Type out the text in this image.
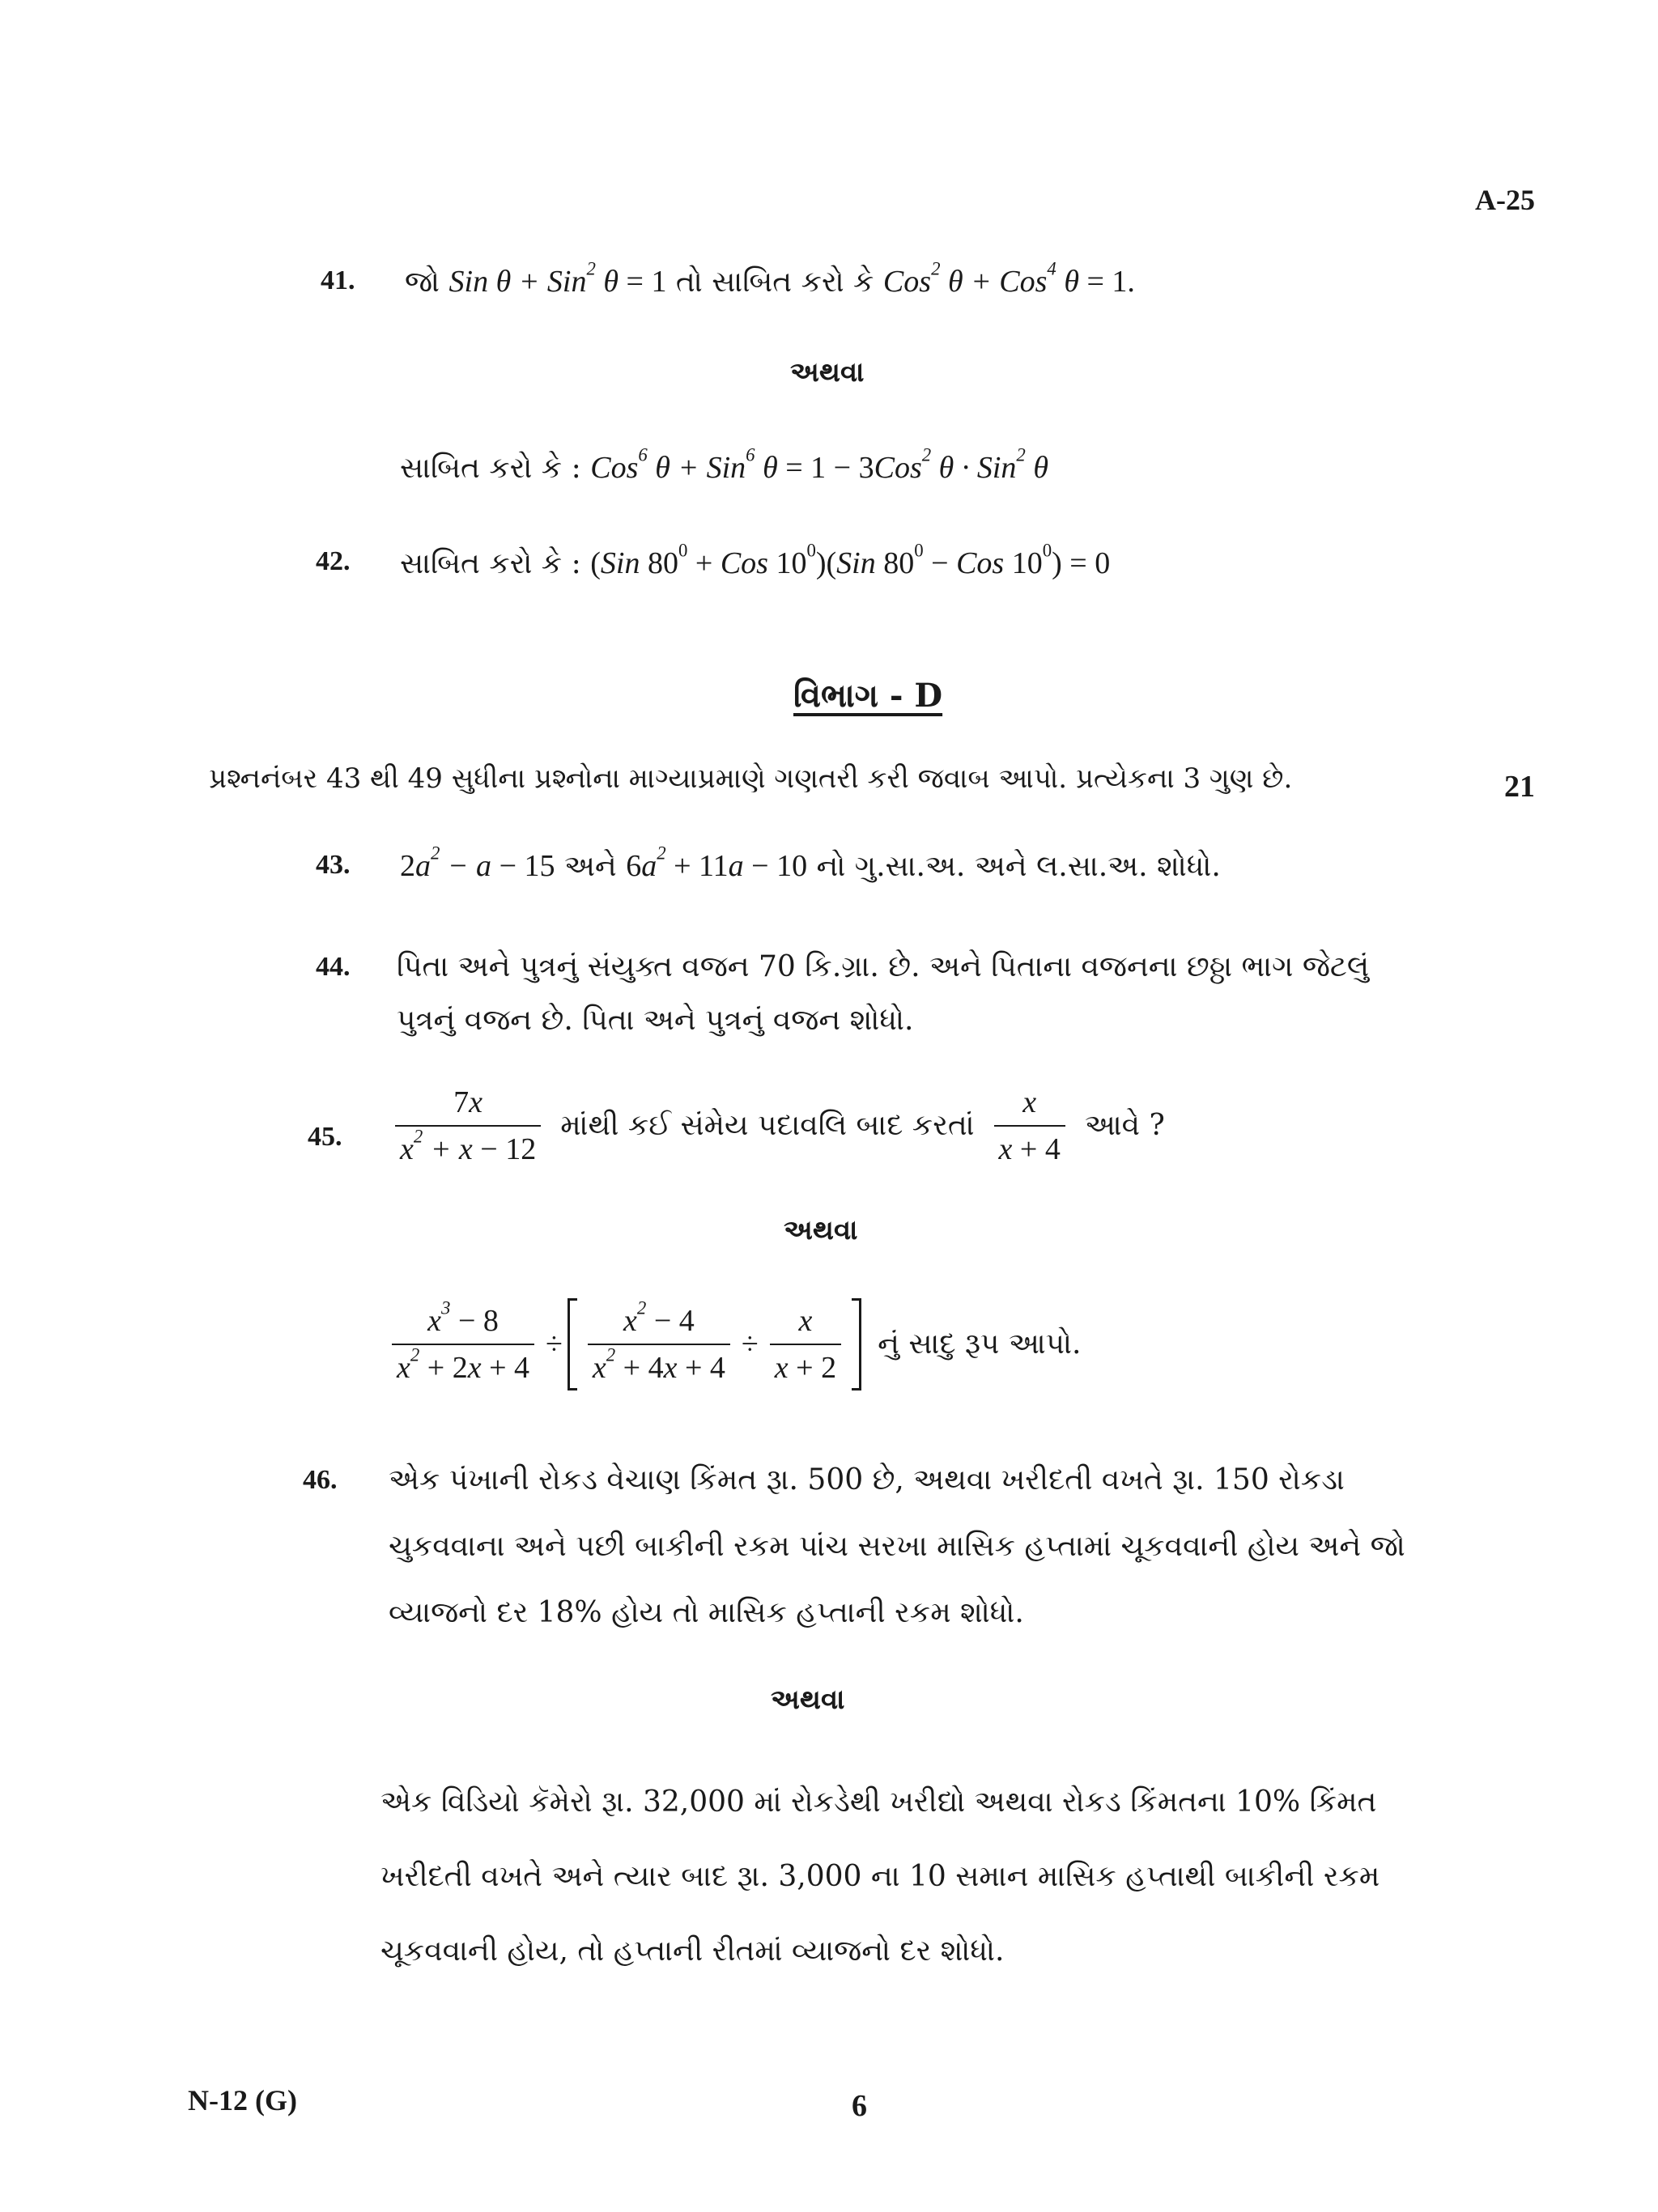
A-25
41. જો Sin θ + Sin$^2$ θ = 1 તો સાબિત કરો કે Cos$^2$ θ + Cos$^4$ θ = 1.
અથવા
સાબિત કરો કે : Cos$^6$ θ + Sin$^6$ θ = 1 − 3Cos$^2$ θ · Sin$^2$ θ
42. સાબિત કરો કે : (Sin $80^0$ + Cos $10^0)(Sin$ $80^0$ − Cos $10^0) = 0$
વિભાગ - D
પ્રશ્નનંબર 43 થી 49 સુધીના પ્રશ્નોના માગ્યાપ્રમાણે ગણતરી કરી જવાબ આપો. પ્રત્યેકના 3 ગુણ છે.	21
43. $2a^2 - a - 15$ અને $6a^2 + 11a - 10$ નો ગુ.સા.અ. અને લ.સા.અ. શોધો.
44. પિતા અને પુત્રનું સંયુક્ત વજન 70 કિ.ગ્રા. છે. અને પિતાના વજનના છઠ્ઠા ભાગ જેટલું
પુત્રનું વજન છે. પિતા અને પુત્રનું વજન શોધો.
45. $\frac{7x}{x^2 + x - 12}$ માંથી કઈ સંમેય પદાવલિ બાદ કરતાં $\frac{x}{x + 4}$ આવે ?
અથવા
$\frac{x^3 - 8}{x^2 + 2x + 4} \div \frac{x^2 - 4}{x^2 + 4x + 4} \div \frac{x}{x + 2}$ નું સાદુ રૂપ આપો.
46. એક પંખાની રોકડ વેચાણ કિંમત રૂા. 500 છે, અથવા ખરીદતી વખતે રૂા. 150 રોકડા
ચુકવવાના અને પછી બાકીની રકમ પાંચ સરખા માસિક હપ્તામાં ચૂકવવાની હોય અને જો
વ્યાજનો દર 18% હોય તો માસિક હપ્તાની રકમ શોધો.
અથવા
એક વિડિયો કૅમેરો રૂા. 32,000 માં રોકડેથી ખરીદ્યો અથવા રોકડ કિંમતના 10% કિંમત
ખરીદતી વખતે અને ત્યાર બાદ રૂા. 3,000 ના 10 સમાન માસિક હપ્તાથી બાકીની રકમ
ચૂકવવાની હોય, તો હપ્તાની રીતમાં વ્યાજનો દર શોધો.
N-12 (G)	6
